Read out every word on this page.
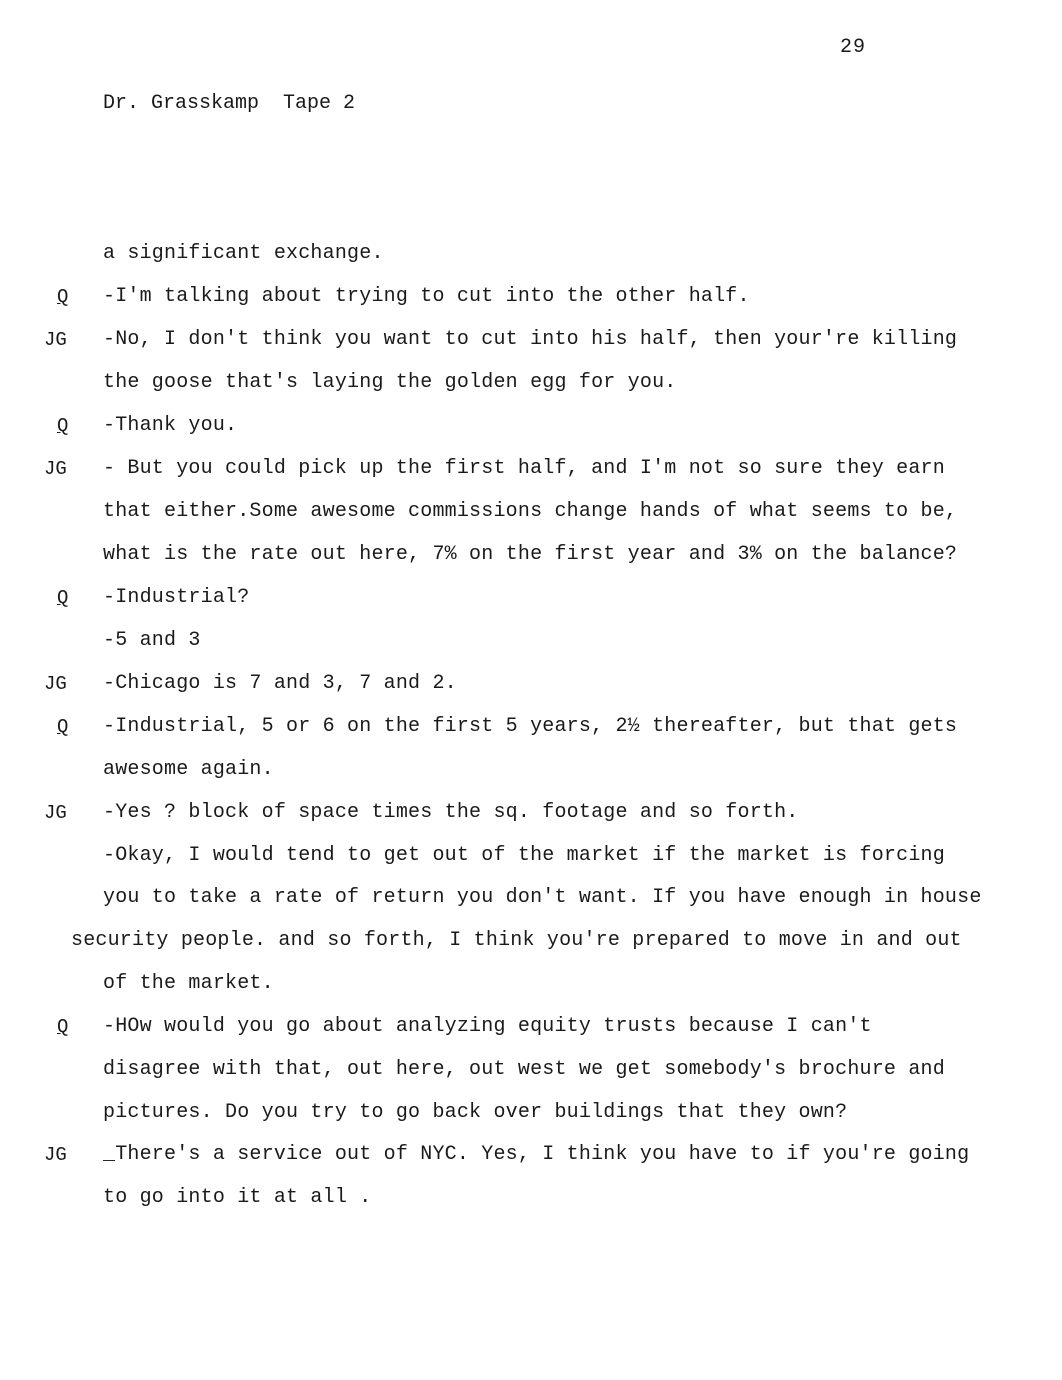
29
Dr. Grasskamp  Tape 2
a significant exchange.
Q	-I'm talking about trying to cut into the other half.
JG	-No, I don't think you want to cut into his half, then your're killing
the goose that's laying the golden egg for you.
Q	-Thank you.
JG	- But you could pick up the first half, and I'm not so sure they earn
that either.Some awesome commissions change hands of what seems to be,
what is the rate out here, 7% on the first year and 3% on the balance?
Q	-Industrial?
-5 and 3
JG	-Chicago is 7 and 3, 7 and 2.
Q	-Industrial, 5 or 6 on the first 5 years, 2½ thereafter, but that gets
awesome again.
JG	-Yes ? block of space times the sq. footage and so forth.
-Okay, I would tend to get out of the market if the market is forcing
you to take a rate of return you don't want. If you have enough in house
security people. and so forth, I think you're prepared to move in and out
of the market.
Q	-HOw would you go about analyzing equity trusts because I can't
disagree with that, out here, out west we get somebody's brochure and
pictures. Do you try to go back over buildings that they own?
JG	_There's a service out of NYC. Yes, I think you have to if you're going
to go into it at all .
